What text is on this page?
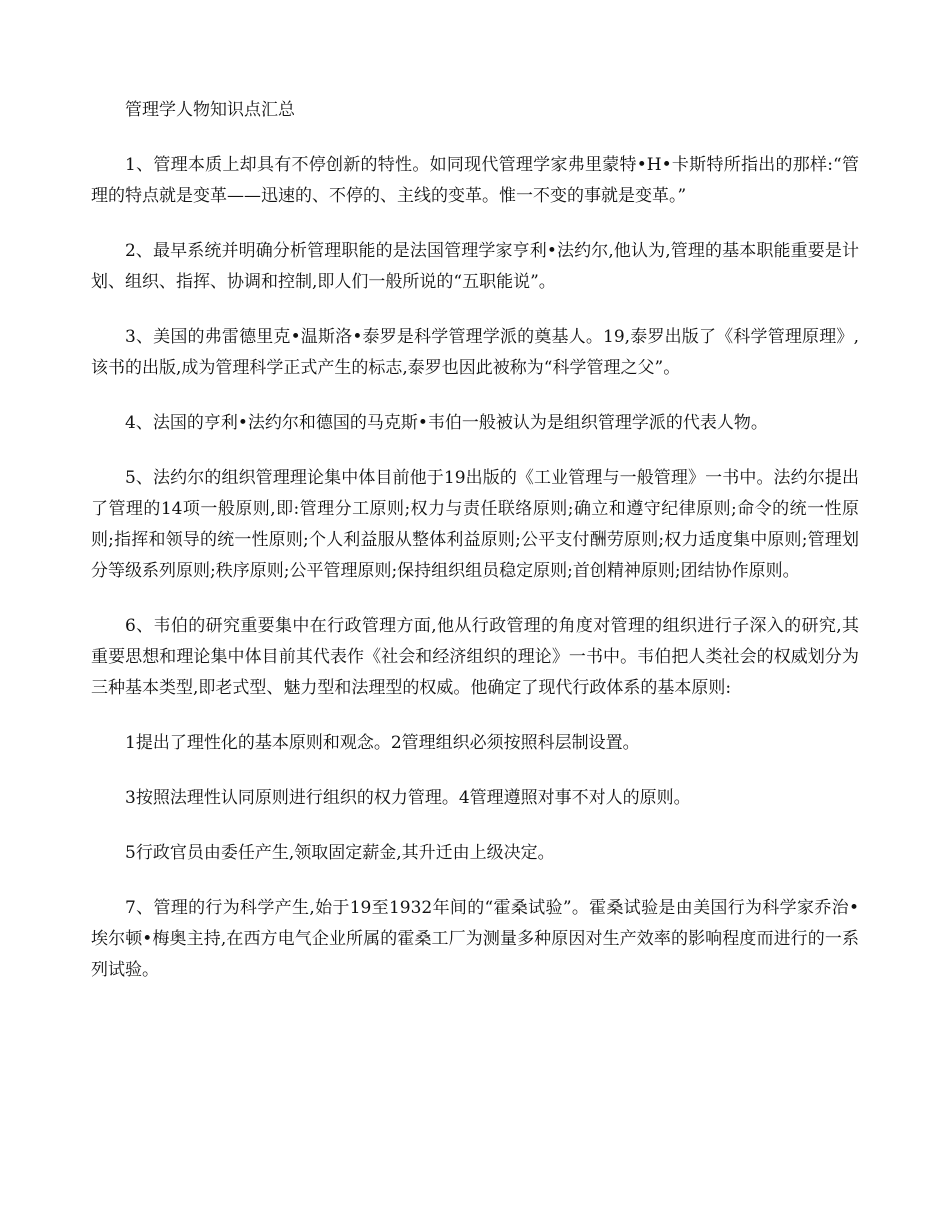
管理学人物知识点汇总

1、管理本质上却具有不停创新的特性。如同现代管理学家弗里蒙特•H•卡斯特所指出的那样:“管理的特点就是变革——迅速的、不停的、主线的变革。惟一不变的事就是变革。”

2、最早系统并明确分析管理职能的是法国管理学家亨利•法约尔,他认为,管理的基本职能重要是计划、组织、指挥、协调和控制,即人们一般所说的“五职能说”。

3、美国的弗雷德里克•温斯洛•泰罗是科学管理学派的奠基人。19,泰罗出版了《科学管理原理》,该书的出版,成为管理科学正式产生的标志,泰罗也因此被称为“科学管理之父”。

4、法国的亨利•法约尔和德国的马克斯•韦伯一般被认为是组织管理学派的代表人物。

5、法约尔的组织管理理论集中体目前他于19出版的《工业管理与一般管理》一书中。法约尔提出了管理的14项一般原则,即:管理分工原则;权力与责任联络原则;确立和遵守纪律原则;命令的统一性原则;指挥和领导的统一性原则;个人利益服从整体利益原则;公平支付酬劳原则;权力适度集中原则;管理划分等级系列原则;秩序原则;公平管理原则;保持组织组员稳定原则;首创精神原则;团结协作原则。

6、韦伯的研究重要集中在行政管理方面,他从行政管理的角度对管理的组织进行子深入的研究,其重要思想和理论集中体目前其代表作《社会和经济组织的理论》一书中。韦伯把人类社会的权威划分为三种基本类型,即老式型、魅力型和法理型的权威。他确定了现代行政体系的基本原则:

1提出了理性化的基本原则和观念。2管理组织必须按照科层制设置。

3按照法理性认同原则进行组织的权力管理。4管理遵照对事不对人的原则。

5行政官员由委任产生,领取固定薪金,其升迁由上级决定。

7、管理的行为科学产生,始于19至1932年间的“霍桑试验”。霍桑试验是由美国行为科学家乔治•埃尔顿•梅奥主持,在西方电气企业所属的霍桑工厂为测量多种原因对生产效率的影响程度而进行的一系列试验。
